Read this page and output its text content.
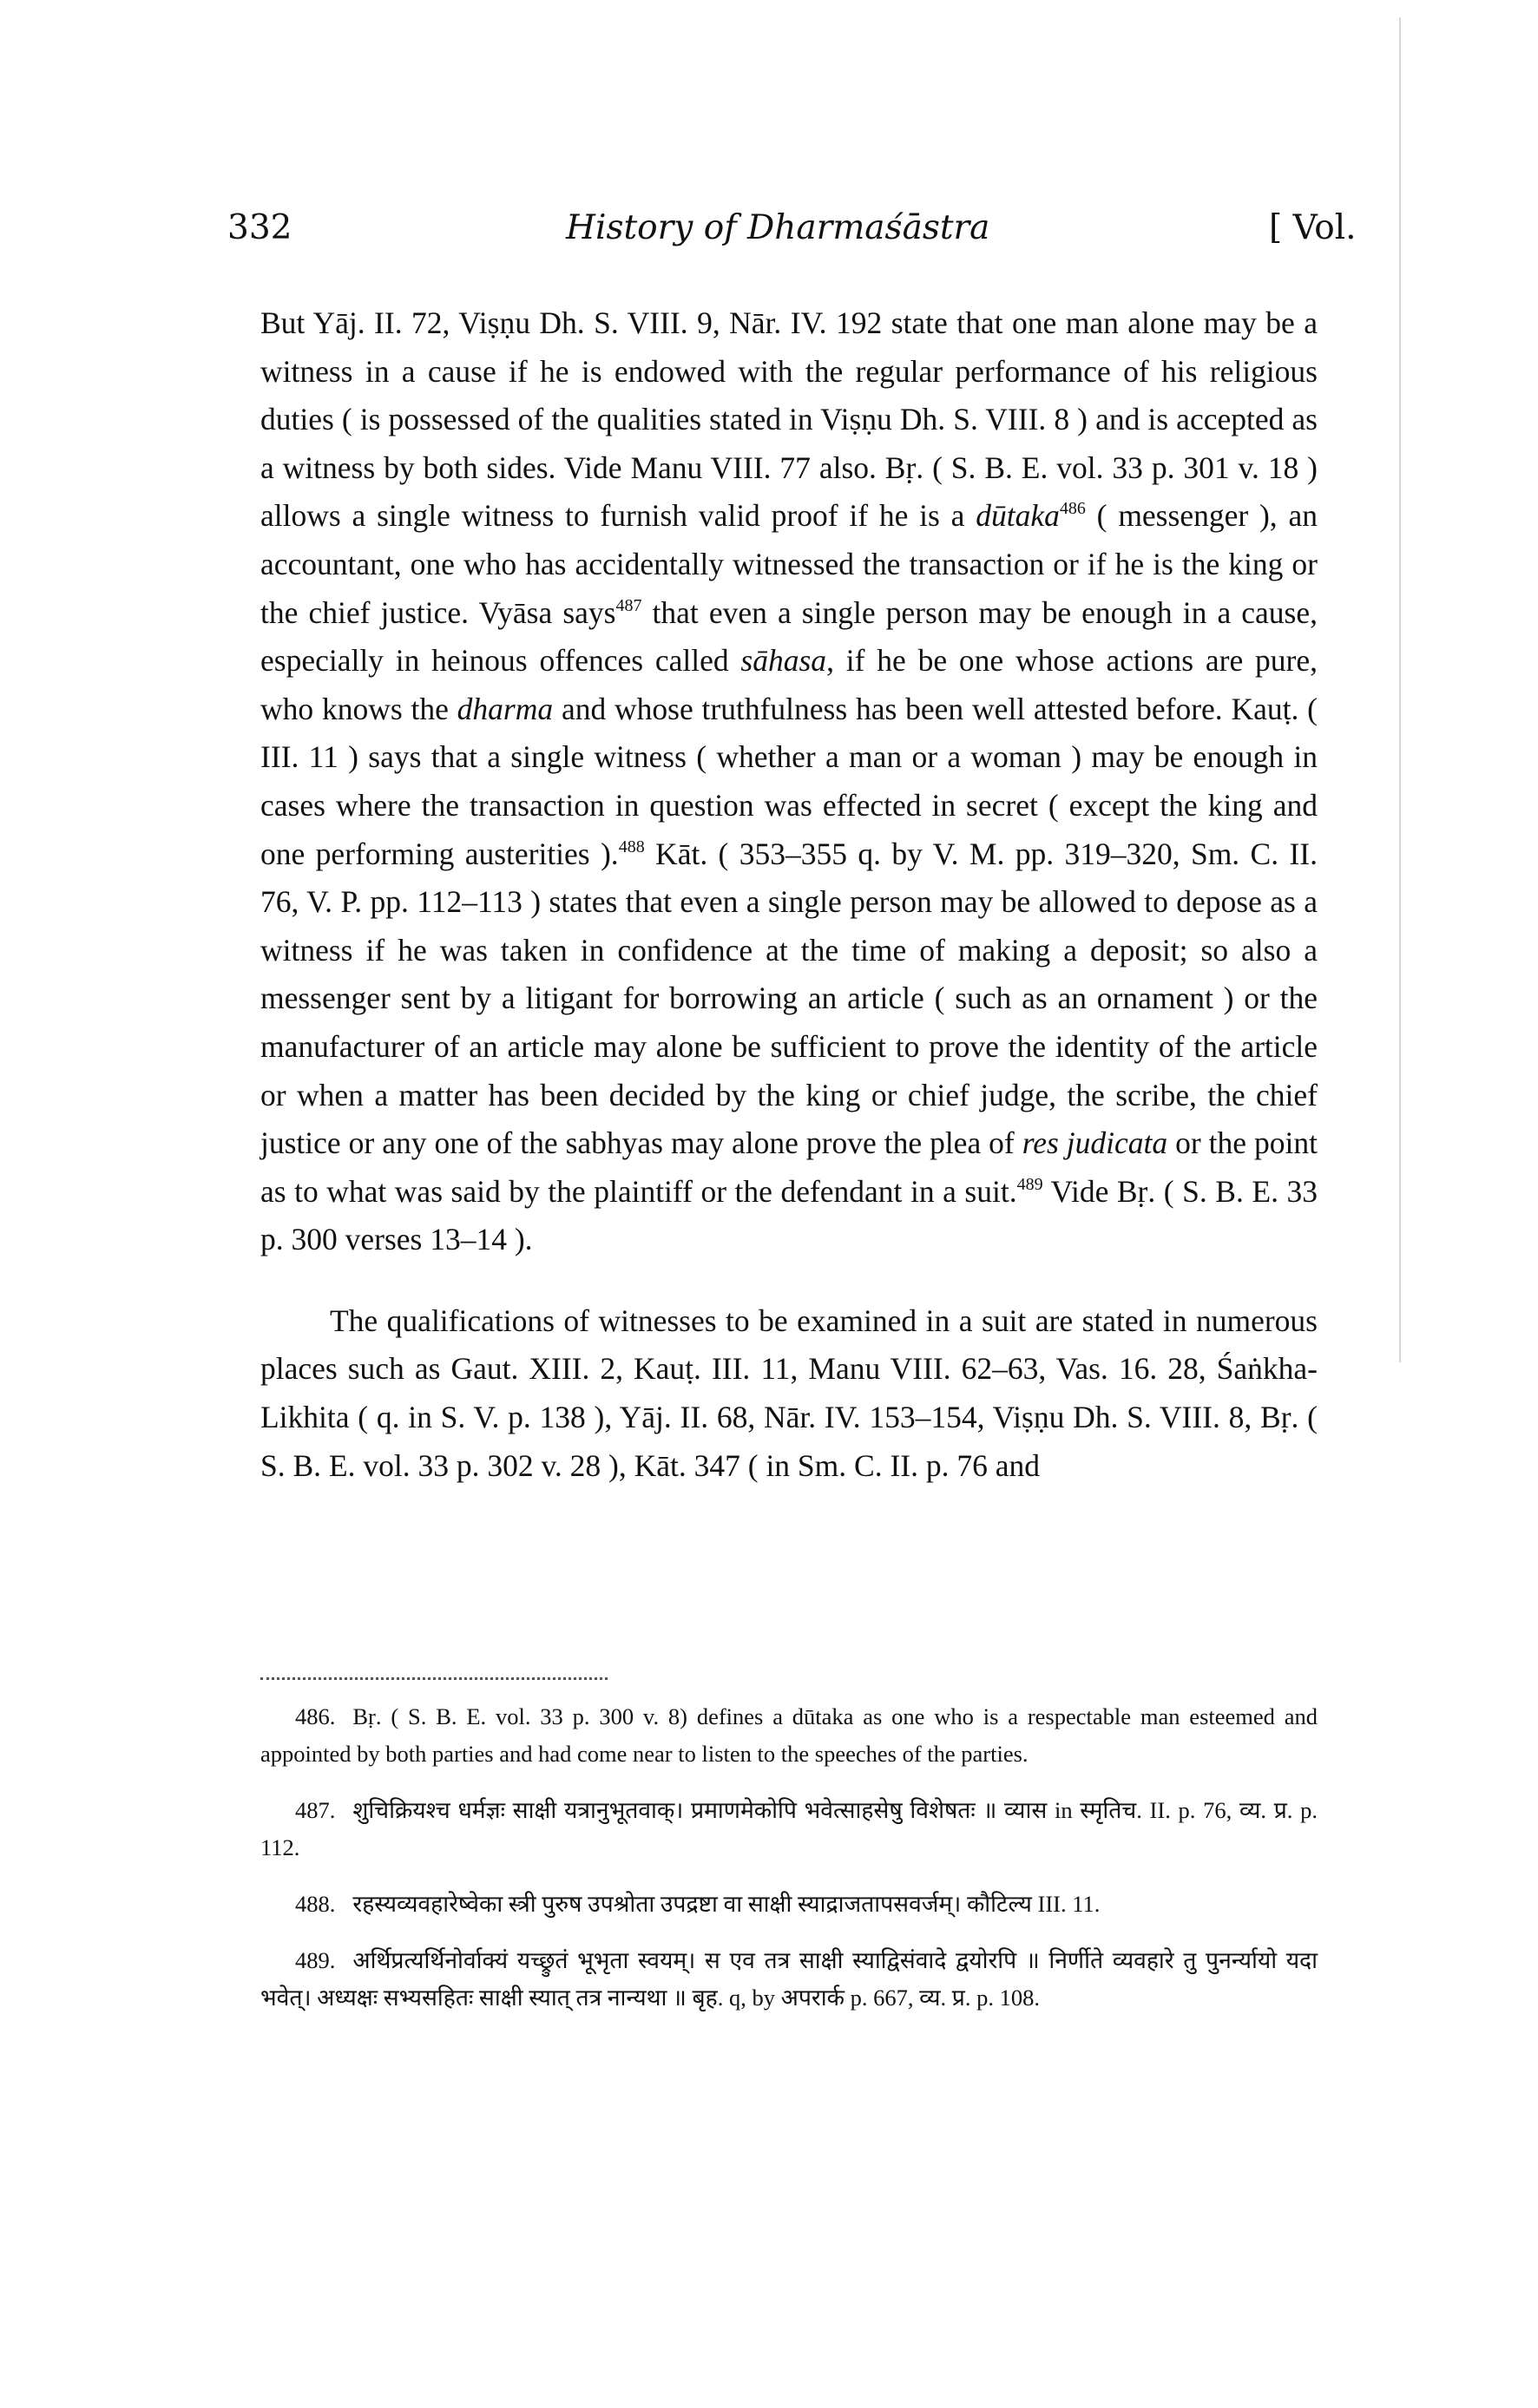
332	History of Dharmaśāstra	[ Vol.

But Yāj. II. 72, Viṣṇu Dh. S. VIII. 9, Nār. IV. 192 state that one man alone may be a witness in a cause if he is endowed with the regular performance of his religious duties ( is possessed of the qualities stated in Viṣṇu Dh. S. VIII. 8 ) and is accepted as a witness by both sides. Vide Manu VIII. 77 also. Bṛ. ( S. B. E. vol. 33 p. 301 v. 18 ) allows a single witness to furnish valid proof if he is a dūtaka$^{486}$ ( messenger ), an accountant, one who has accidentally witnessed the transaction or if he is the king or the chief justice. Vyāsa says$^{487}$ that even a single person may be enough in a cause, especially in heinous offences called sāhasa, if he be one whose actions are pure, who knows the dharma and whose truthfulness has been well attested before. Kauṭ. ( III. 11 ) says that a single witness ( whether a man or a woman ) may be enough in cases where the transaction in question was effected in secret ( except the king and one performing austerities ).$^{488}$ Kāt. ( 353–355 q. by V. M. pp. 319–320, Sm. C. II. 76, V. P. pp. 112–113 ) states that even a single person may be allowed to depose as a witness if he was taken in confidence at the time of making a deposit; so also a messenger sent by a litigant for borrowing an article ( such as an ornament ) or the manufacturer of an article may alone be sufficient to prove the identity of the article or when a matter has been decided by the king or chief judge, the scribe, the chief justice or any one of the sabhyas may alone prove the plea of res judicata or the point as to what was said by the plaintiff or the defendant in a suit.$^{489}$ Vide Bṛ. ( S. B. E. 33 p. 300 verses 13–14 ).

The qualifications of witnesses to be examined in a suit are stated in numerous places such as Gaut. XIII. 2, Kauṭ. III. 11, Manu VIII. 62–63, Vas. 16. 28, Śaṅkha-Likhita ( q. in S. V. p. 138 ), Yāj. II. 68, Nār. IV. 153–154, Viṣṇu Dh. S. VIII. 8, Bṛ. ( S. B. E. vol. 33 p. 302 v. 28 ), Kāt. 347 ( in Sm. C. II. p. 76 and

486. Bṛ. ( S. B. E. vol. 33 p. 300 v. 8) defines a dūtaka as one who is a respectable man esteemed and appointed by both parties and had come near to listen to the speeches of the parties.

487. शुचिक्रियश्च धर्मज्ञः साक्षी यत्रानुभूतवाक्। प्रमाणमेकोपि भवेत्साहसेषु विशेषतः ॥ व्यास in स्मृतिच. II. p. 76, व्य. प्र. p. 112.

488. रहस्यव्यवहारेष्वेका स्त्री पुरुष उपश्रोता उपद्रष्टा वा साक्षी स्याद्राजतापसवर्जम्। कौटिल्य III. 11.

489. अर्थिप्रत्यर्थिनोर्वाक्यं यच्छ्रुतं भूभृता स्वयम्। स एव तत्र साक्षी स्याद्विसंवादे द्वयोरपि ॥ निर्णीते व्यवहारे तु पुनर्न्यायो यदा भवेत्। अध्यक्षः सभ्यसहितः साक्षी स्यात् तत्र नान्यथा ॥ बृह. q, by अपरार्क p. 667, व्य. प्र. p. 108.
